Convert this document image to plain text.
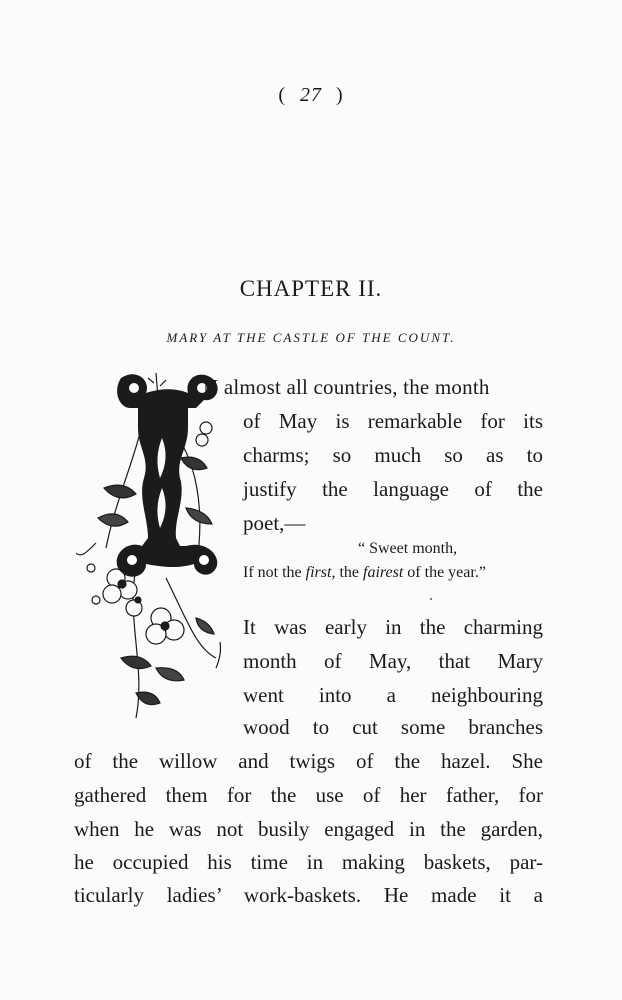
( 27 )
CHAPTER II.
MARY AT THE CASTLE OF THE COUNT.
N almost all countries, the month
of May is remarkable for its
charms; so much so as to
justify the language of the
poet,—
“ Sweet month,
If not the first, the fairest of the year.”
It was early in the charming
month of May, that Mary
went into a neighbouring
wood to cut some branches
of the willow and twigs of the hazel. She
gathered them for the use of her father, for
when he was not busily engaged in the garden,
he occupied his time in making baskets, par-
ticularly ladies’ work-baskets. He made it a
